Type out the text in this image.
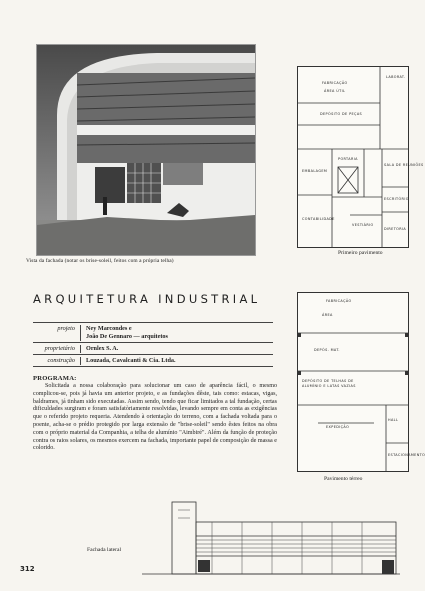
Vista da fachada (notar os brise-soleil, feitos com a própria telha)
ARQUITETURA INDUSTRIAL
projeto	Ney Marcondes e
João De Gennaro — arquitetos
proprietário	Ornlex S. A.
construção	Louzada, Cavalcanti & Cia. Ltda.
PROGRAMA:
Solicitada a nossa colaboração para solucionar um caso de aparência fácil, o mesmo complicou-se, pois já havia um anterior projeto, e as fundações dêste, tais como: estacas, vigas, baldrames, já tinham sido executadas. Assim sendo, tendo que ficar limitados a tal fundação, certas dificuldades surgiram e foram satisfatòriamente resolvidas, levando sempre em conta as exigências que o referido projeto requeria. Atendendo à orientação do terreno, com a fachada voltada para o poente, acha-se o prédio protegido por larga extensão de "brise-soleil" sendo êstes feitos na obra com o próprio material da Companhia, a telha de alumínio "Aimbiré". Além da função de proteção contra os raios solares, os mesmos exercem na fachada, importante papel de composição de massa e colorido.
FABRICAÇÃO
ÁREA ÚTIL
LABORAT.
DEPÓSITO DE PEÇAS
EMBALAGEM
PORTARIA
DIRETORIA
ESCRITÓRIO
SALA DE REUNIÕES
CONTABILIDADE
VESTIÁRIO
Primeiro pavimento
FABRICAÇÃO
ÁREA
DEPÓS. MAT.
DEPÓSITO DE TELHAS DE ALUMÍNIO E LATAS VAZIAS
EXPEDIÇÃO
ESTACIONAMENTO
HALL
Pavimento térreo
Fachada lateral
312
